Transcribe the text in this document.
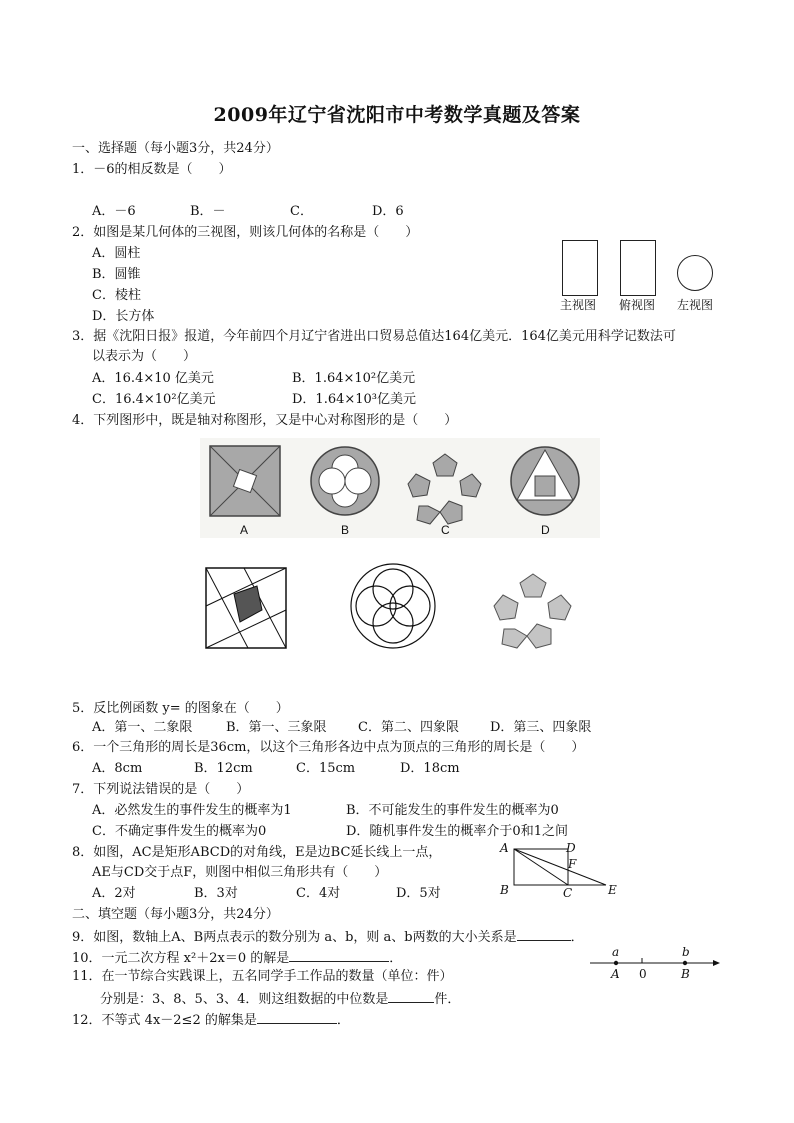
2009年辽宁省沈阳市中考数学真题及答案
一、选择题（每小题3分，共24分）
1．－6的相反数是（　　）
A．－6	B．－	C．	D．6
2．如图是某几何体的三视图，则该几何体的名称是（　　）
A．圆柱
B．圆锥
C．棱柱
D．长方体
主视图 俯视图 左视图
3．据《沈阳日报》报道，今年前四个月辽宁省进出口贸易总值达164亿美元．164亿美元用科学记数法可
以表示为（　　）
A．16.4×10 亿美元	B．1.64×10²亿美元
C．16.4×10²亿美元	D．1.64×10³亿美元
4．下列图形中，既是轴对称图形，又是中心对称图形的是（　　）
A	B	C	D
5．反比例函数 y= 的图象在（　　）
A．第一、二象限	B．第一、三象限 C．第二、四象限 D．第三、四象限
6．一个三角形的周长是36cm，以这个三角形各边中点为顶点的三角形的周长是（　　）
A．8cm	B．12cm	C．15cm	D．18cm
7．下列说法错误的是（　　）
A．必然发生的事件发生的概率为1	B．不可能发生的事件发生的概率为0
C．不确定事件发生的概率为0	D．随机事件发生的概率介于0和1之间
8．如图，AC是矩形ABCD的对角线，E是边BC延长线上一点，
AE与CD交于点F，则图中相似三角形共有（　　）
A．2对	B．3对	C．4对	D．5对
A	D
F
B	C	E
二、填空题（每小题3分，共24分）
9．如图，数轴上A、B两点表示的数分别为 a、b，则 a、b两数的大小关系是	．
a	b
A 0	B
10．一元二次方程 x²＋2x＝0 的解是	．
11．在一节综合实践课上，五名同学手工作品的数量（单位：件）
分别是：3、8、5、3、4．则这组数据的中位数是	件．
12．不等式 4x－2≤2 的解集是	．
